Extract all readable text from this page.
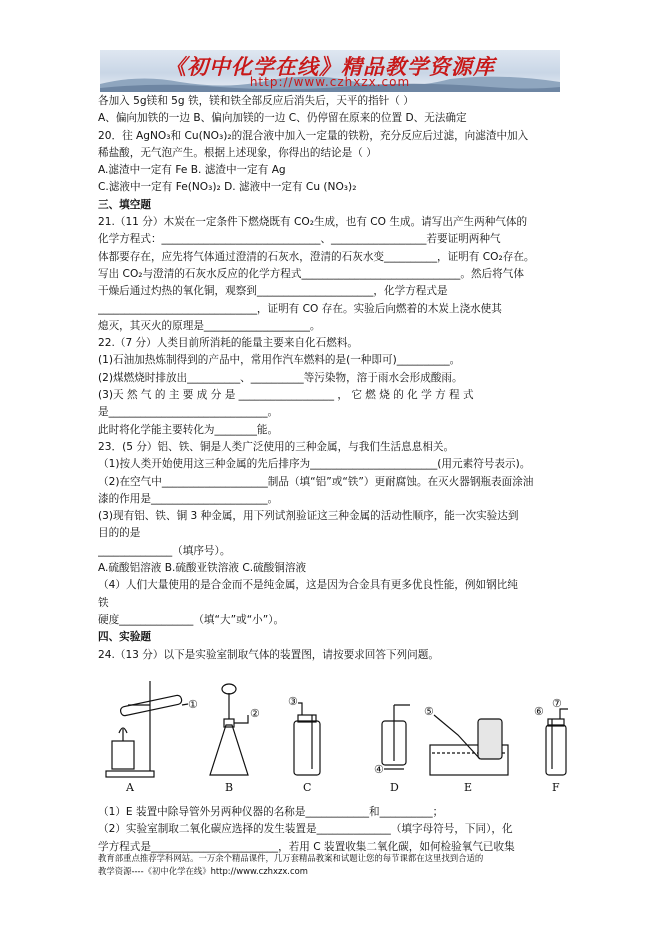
《初中化学在线》精品教学资源库
http://www.czhxzx.com
各加入 5g镁和 5g 铁，镁和铁全部反应后消失后，天平的指针（ ）
A、偏向加铁的一边 B、偏向加镁的一边 C、仍停留在原来的位置 D、无法确定
20．往 AgNO₃和 Cu(NO₃)₂的混合液中加入一定量的铁粉，充分反应后过滤，向滤渣中加入
稀盐酸，无气泡产生。根据上述现象，你得出的结论是（ ）
A.滤渣中一定有 Fe B. 滤渣中一定有 Ag
C.滤液中一定有 Fe(NO₃)₂ D. 滤液中一定有 Cu (NO₃)₂
三、填空题
21.（11 分）木炭在一定条件下燃烧既有 CO₂生成，也有 CO 生成。请写出产生两种气体的
化学方程式：______________________________、__________________若要证明两种气
体都要存在，应先将气体通过澄清的石灰水，澄清的石灰水变__________，证明有 CO₂存在。
写出 CO₂与澄清的石灰水反应的化学方程式______________________________。然后将气体
干燥后通过灼热的氧化铜，观察到______________________，化学方程式是
______________________________，证明有 CO 存在。实验后向燃着的木炭上浇水使其
熄灭，其灭火的原理是____________________。
22.（7 分）人类目前所消耗的能量主要来自化石燃料。
(1)石油加热炼制得到的产品中，常用作汽车燃料的是(一种即可)__________。
(2)煤燃烧时排放出__________、__________等污染物，溶于雨水会形成酸雨。
(3)天 然 气 的 主 要 成 分 是 __________________ ， 它 燃 烧 的 化 学 方 程 式
是______________________________。
此时将化学能主要转化为________能。
23．(5 分）铝、铁、铜是人类广泛使用的三种金属，与我们生活息息相关。
（1)按人类开始使用这三种金属的先后排序为________________________(用元素符号表示)。
（2)在空气中____________________制品（填“铝”或“铁”）更耐腐蚀。在灭火器钢瓶表面涂油
漆的作用是______________________。
(3)现有铝、铁、铜 3 种金属，用下列试剂验证这三种金属的活动性顺序，能一次实验达到
目的的是
______________（填序号）。
A.硫酸铝溶液 B.硫酸亚铁溶液 C.硫酸铜溶液
（4）人们大量使用的是合金而不是纯金属，这是因为合金具有更多优良性能，例如钢比纯
铁
硬度______________（填“大”或“小”）。
四、实验题
24.（13 分）以下是实验室制取气体的装置图，请按要求回答下列问题。
A	B	C	D	E	F
①
②
③
④
⑤	⑥
⑦
（1）E 装置中除导管外另两种仪器的名称是____________和__________；
（2）实验室制取二氧化碳应选择的发生装置是______________（填字母符号，下同），化
学方程式是________________________，若用 C 装置收集二氧化碳，如何检验氧气已收集
教育部重点推荐学科网站。一万余个精品课件，几万套精品教案和试题让您的每节课都在这里找到合适的
教学资源----《初中化学在线》http://www.czhxzx.com
